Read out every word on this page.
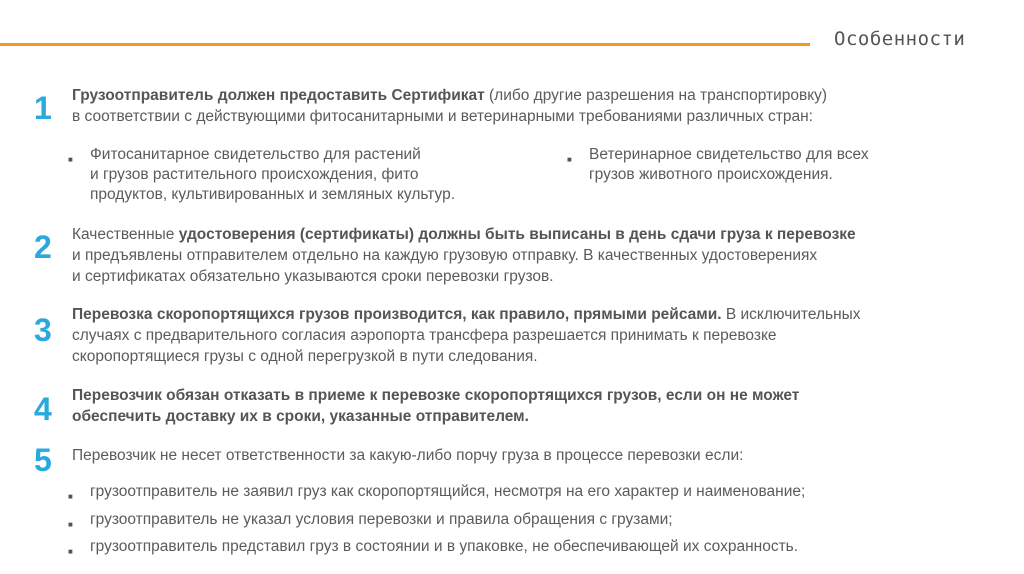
Особенности
1 Грузоотправитель должен предоставить Сертификат (либо другие разрешения на транспортировку)
в соответствии с действующими фитосанитарными и ветеринарными требованиями различных стран:
■ Фитосанитарное свидетельство для растений
и грузов растительного происхождения, фито
продуктов, культивированных и земляных культур.
■ Ветеринарное свидетельство для всех
грузов животного происхождения.
2 Качественные удостоверения (сертификаты) должны быть выписаны в день сдачи груза к перевозке
и предъявлены отправителем отдельно на каждую грузовую отправку. В качественных удостоверениях
и сертификатах обязательно указываются сроки перевозки грузов.
3 Перевозка скоропортящихся грузов производится, как правило, прямыми рейсами. В исключительных
случаях с предварительного согласия аэропорта трансфера разрешается принимать к перевозке
скоропортящиеся грузы с одной перегрузкой в пути следования.
4 Перевозчик обязан отказать в приеме к перевозке скоропортящихся грузов, если он не может
обеспечить доставку их в сроки, указанные отправителем.
5 Перевозчик не несет ответственности за какую-либо порчу груза в процессе перевозки если:
■ грузоотправитель не заявил груз как скоропортящийся, несмотря на его характер и наименование;
■ грузоотправитель не указал условия перевозки и правила обращения с грузами;
■ грузоотправитель представил груз в состоянии и в упаковке, не обеспечивающей их сохранность.
